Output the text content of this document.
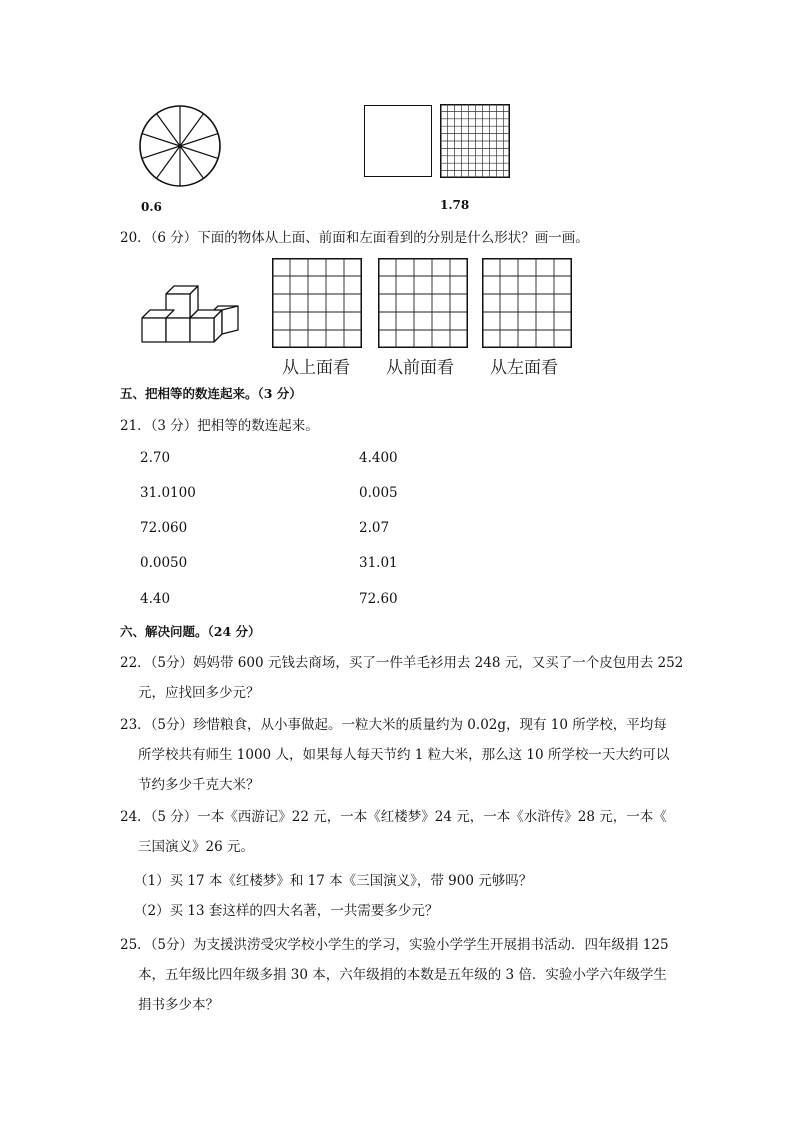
0.6	1.78
20．（6 分）下面的物体从上面、前面和左面看到的分别是什么形状？画一画。
从上面看 从前面看 从左面看
五、把相等的数连起来。（3 分）
21．（3 分）把相等的数连起来。
2.70	4.400
31.0100	0.005
72.060	2.07
0.0050	31.01
4.40	72.60
六、解决问题。（24 分）
22．（5分）妈妈带 600 元钱去商场，买了一件羊毛衫用去 248 元，又买了一个皮包用去 252
元，应找回多少元？
23．（5分）珍惜粮食，从小事做起。一粒大米的质量约为 0.02g，现有 10 所学校，平均每
所学校共有师生 1000 人，如果每人每天节约 1 粒大米，那么这 10 所学校一天大约可以
节约多少千克大米？
24．（5 分）一本《西游记》22 元，一本《红楼梦》24 元，一本《水浒传》28 元，一本《
三国演义》26 元。
（1）买 17 本《红楼梦》和 17 本《三国演义》，带 900 元够吗？
（2）买 13 套这样的四大名著，一共需要多少元？
25．（5分）为支援洪涝受灾学校小学生的学习，实验小学学生开展捐书活动．四年级捐 125
本，五年级比四年级多捐 30 本，六年级捐的本数是五年级的 3 倍．实验小学六年级学生
捐书多少本？
